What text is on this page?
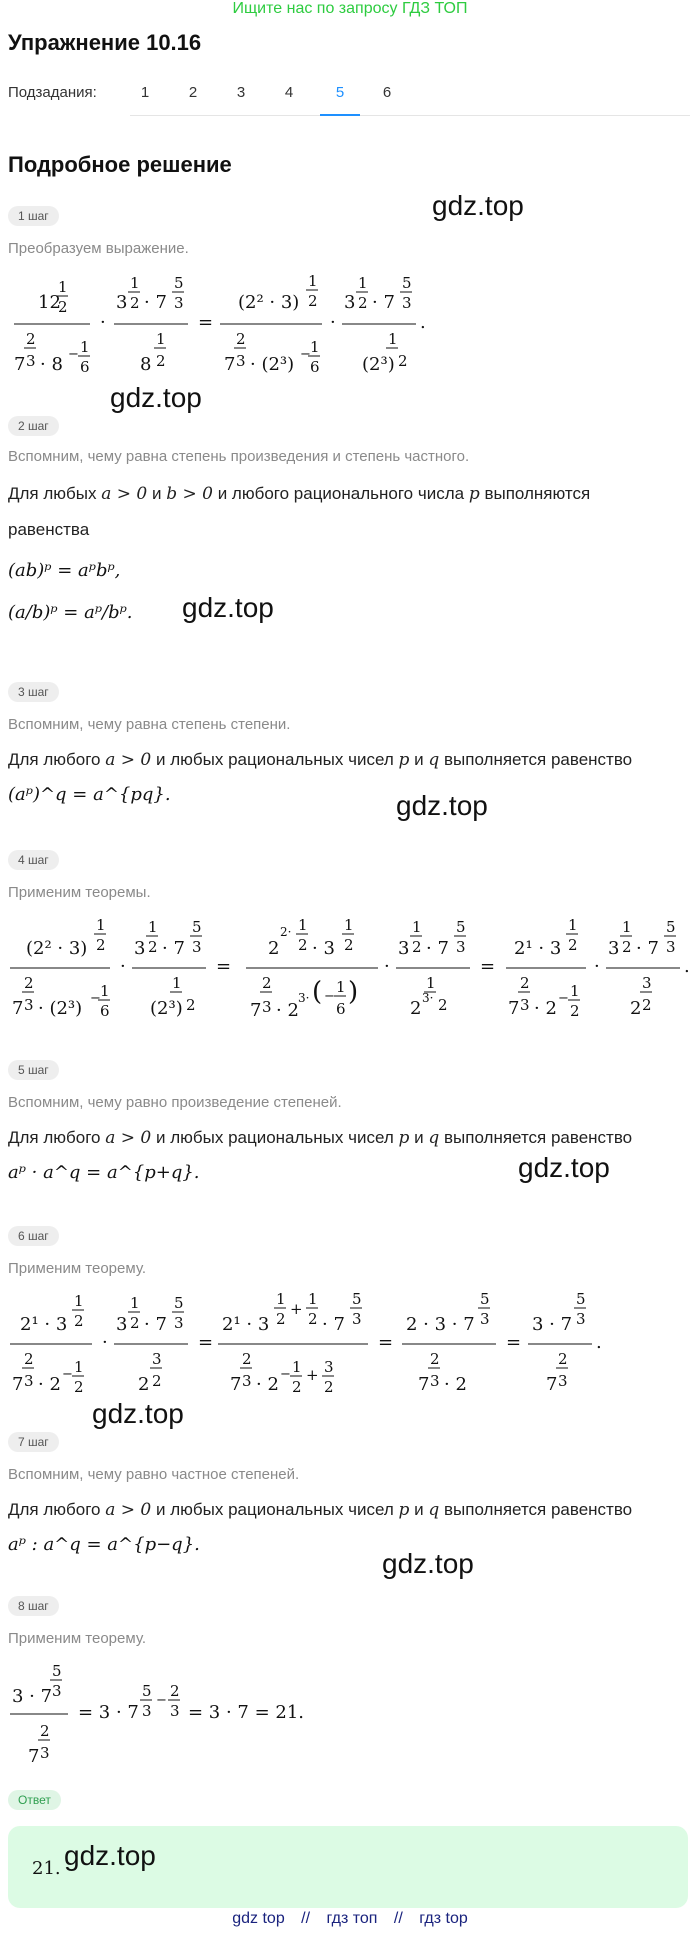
Ищите нас по запросу ГДЗ ТОП
Упражнение 10.16
Подзадания:	1	2	3	4	5	6
Подробное решение
1 шаг	gdz.top
Преобразуем выражение.
12
1
2
2
7 3 · 8 − 1
6
·
3
1
2 · 7
5
3
1
8 2
=
(2² · 3)
1
2
2
7 3 · (2³) − 1
6
·
3
1
2 · 7
5
3
1
(2³) 2
.
gdz.top
2 шаг
Вспомним, чему равна степень произведения и степень частного.
Для любых a > 0 и b > 0 и любого рационального числа p выполняются
равенства
(ab)ᵖ = aᵖbᵖ,
(a/b)ᵖ = aᵖ/bᵖ. gdz.top
3 шаг
Вспомним, чему равна степень степени.
Для любого a > 0 и любых рациональных чисел p и q выполняется равенство
(aᵖ)^q = a^{pq}.	gdz.top
4 шаг
Применим теоремы.
(2² · 3)
1
2
2
7 3 · (2³) − 1
6
·
3
1
2 · 7
5
3
1
(2³) 2
=
2
2· 1
2 · 3
1
2
2
7 3 · 2
3· ( −
1
6
)
·
3
1
2 · 7
5
3
1
2 3· 2
=
2¹ · 3
1
2
2
7 3 · 2 − 1
2
·
3
1
2 · 7
5
3
3
2 2
.
5 шаг
Вспомним, чему равно произведение степеней.
Для любого a > 0 и любых рациональных чисел p и q выполняется равенство
aᵖ · a^q = a^{p+q}.	gdz.top
6 шаг
Применим теорему.
2¹ · 3
1
2
2
7 3 · 2 − 1
2
·
3
1
2 · 7
5
3
3
2 2
=
2¹ · 3
1
2
+
1
2 · 7
5
3
2
7 3 · 2 − 1
2
+ 3
2
=
2 · 3 · 7
5
3
2
7 3 · 2
=
3 · 7
5
3
2
7 3
.
gdz.top
7 шаг
Вспомним, чему равно частное степеней.
Для любого a > 0 и любых рациональных чисел p и q выполняется равенство
aᵖ : a^q = a^{p−q}.
gdz.top
8 шаг
Применим теорему.
3 · 7
5
3
2
7 3
= 3 · 7
5
3
−
2
3 = 3 · 7 = 21.
Ответ
21. gdz.top
gdz top // гдз топ // гдз top
